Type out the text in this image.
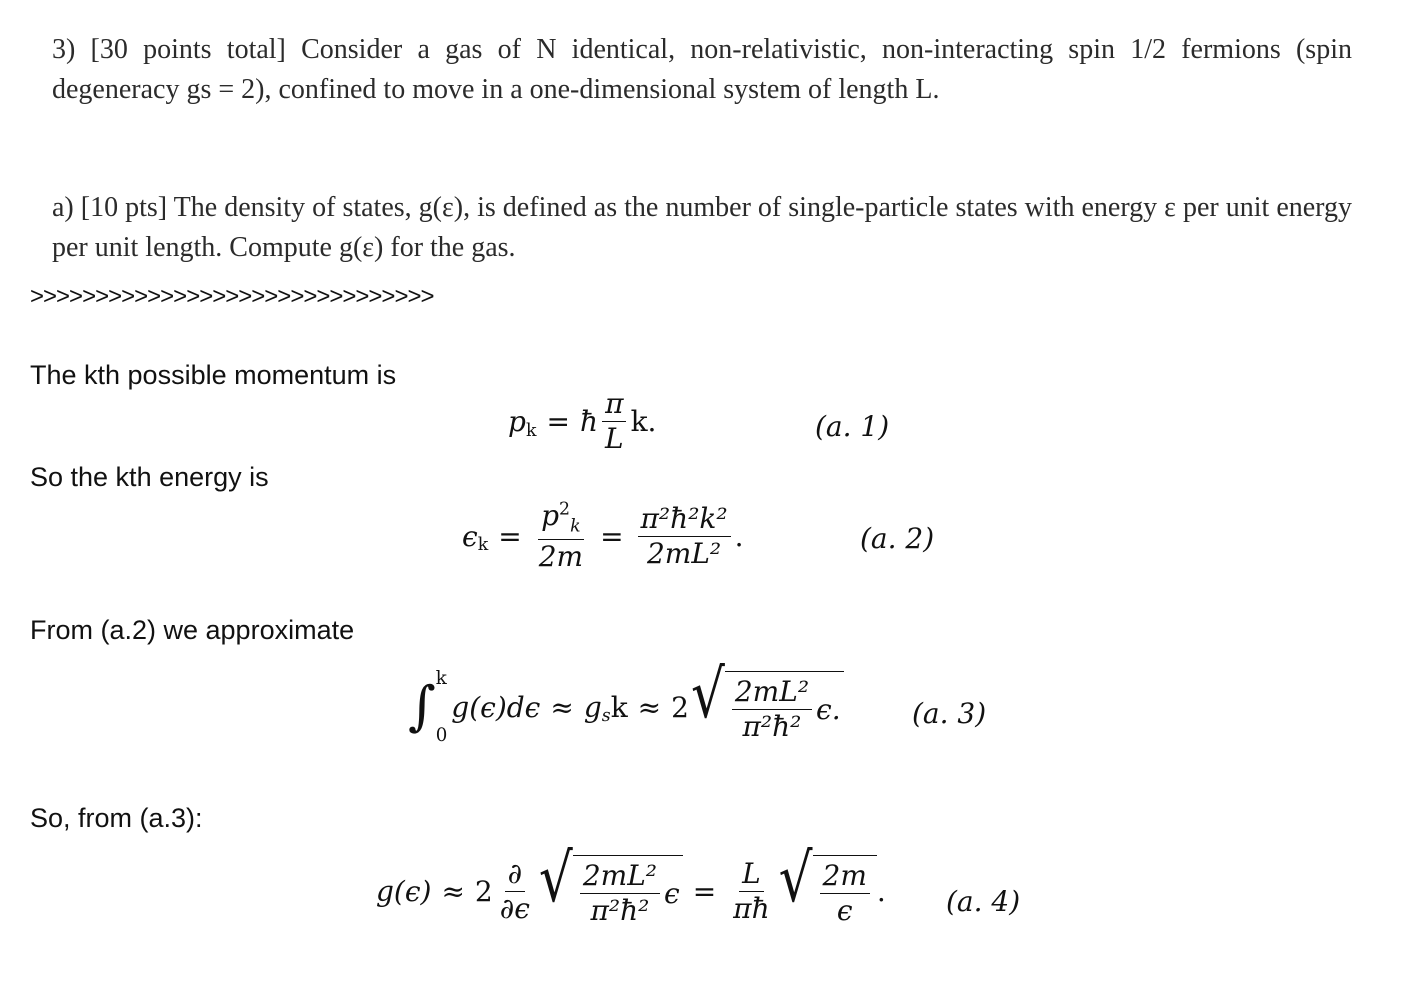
3) [30 points total] Consider a gas of N identical, non-relativistic, non-interacting spin 1/2 fermions (spin degeneracy gs = 2), confined to move in a one-dimensional system of length L.

a) [10 pts] The density of states, g(ε), is defined as the number of single-particle states with energy ε per unit energy per unit length. Compute g(ε) for the gas.

>>>>>>>>>>>>>>>>>>>>>>>>>>>>>>>
The kth possible momentum is
So the kth energy is
From (a.2) we approximate
So, from (a.3):
$p_k$ = ħ $\frac{\pi}{L} k$.	(a. 1)
$\epsilon_k = \frac{p^2_k}{2m} = \frac{\text{π²ħ²k²}}{\text{2mL²}}$ .	(a. 2)
∫ k
0
$g(\epsilon)d\epsilon \approx g_s$ k ≈ 2 √ $\frac{\text{2mL²}}{\text{π²ħ²}} \epsilon$.	(a. 3)
$g(\epsilon) \approx 2 \frac{\partial}{\partial\epsilon}$ √ $\frac{\text{2mL²}}{\text{π²ħ²}}$ $\epsilon = \frac{L}{\pi ħ}$ √ $\frac{2m}{\epsilon}$ . (a. 4)
